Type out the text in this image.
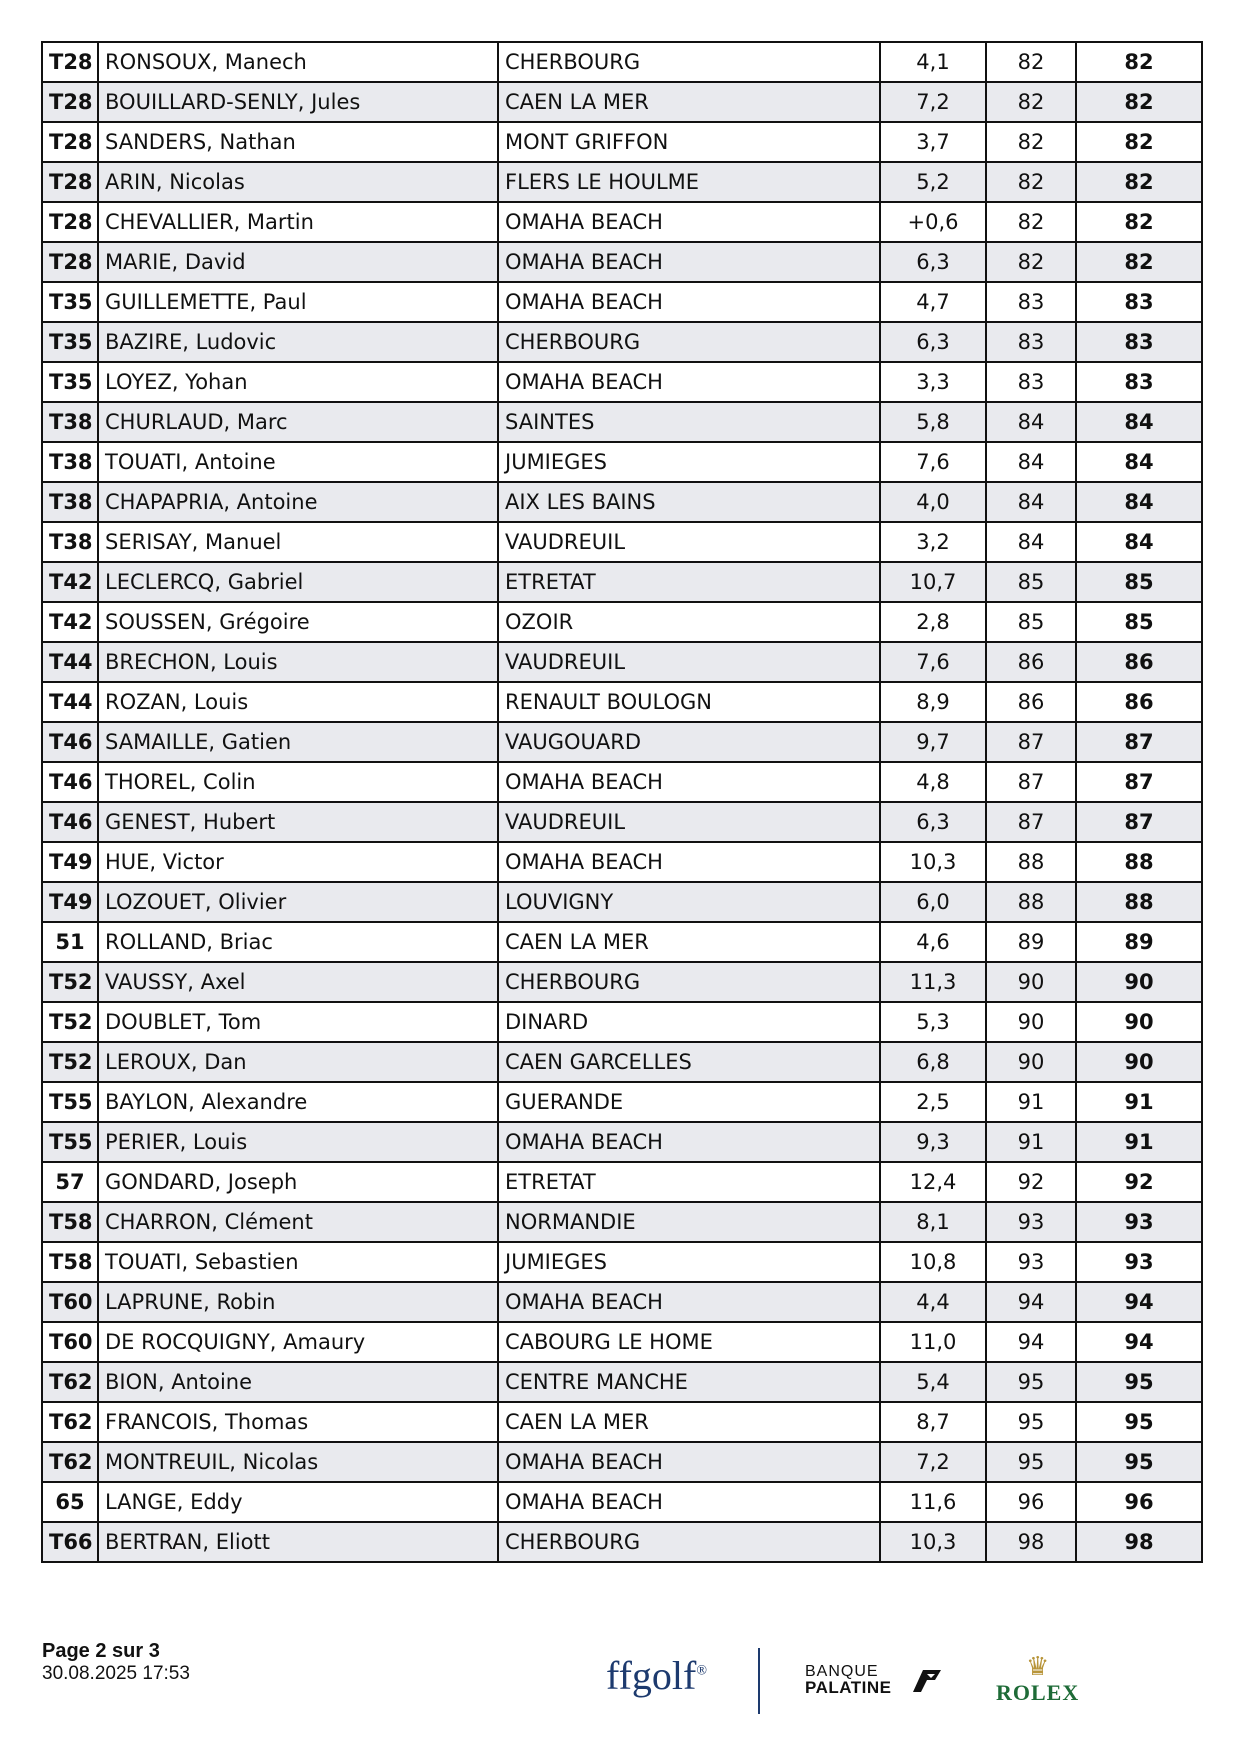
T28	RONSOUX, Manech	CHERBOURG	4,1	82	82
T28	BOUILLARD-SENLY, Jules	CAEN LA MER	7,2	82	82
T28	SANDERS, Nathan	MONT GRIFFON	3,7	82	82
T28	ARIN, Nicolas	FLERS LE HOULME	5,2	82	82
T28	CHEVALLIER, Martin	OMAHA BEACH	+0,6	82	82
T28	MARIE, David	OMAHA BEACH	6,3	82	82
T35	GUILLEMETTE, Paul	OMAHA BEACH	4,7	83	83
T35	BAZIRE, Ludovic	CHERBOURG	6,3	83	83
T35	LOYEZ, Yohan	OMAHA BEACH	3,3	83	83
T38	CHURLAUD, Marc	SAINTES	5,8	84	84
T38	TOUATI, Antoine	JUMIEGES	7,6	84	84
T38	CHAPAPRIA, Antoine	AIX LES BAINS	4,0	84	84
T38	SERISAY, Manuel	VAUDREUIL	3,2	84	84
T42	LECLERCQ, Gabriel	ETRETAT	10,7	85	85
T42	SOUSSEN, Grégoire	OZOIR	2,8	85	85
T44	BRECHON, Louis	VAUDREUIL	7,6	86	86
T44	ROZAN, Louis	RENAULT BOULOGN	8,9	86	86
T46	SAMAILLE, Gatien	VAUGOUARD	9,7	87	87
T46	THOREL, Colin	OMAHA BEACH	4,8	87	87
T46	GENEST, Hubert	VAUDREUIL	6,3	87	87
T49	HUE, Victor	OMAHA BEACH	10,3	88	88
T49	LOZOUET, Olivier	LOUVIGNY	6,0	88	88
51	ROLLAND, Briac	CAEN LA MER	4,6	89	89
T52	VAUSSY, Axel	CHERBOURG	11,3	90	90
T52	DOUBLET, Tom	DINARD	5,3	90	90
T52	LEROUX, Dan	CAEN GARCELLES	6,8	90	90
T55	BAYLON, Alexandre	GUERANDE	2,5	91	91
T55	PERIER, Louis	OMAHA BEACH	9,3	91	91
57	GONDARD, Joseph	ETRETAT	12,4	92	92
T58	CHARRON, Clément	NORMANDIE	8,1	93	93
T58	TOUATI, Sebastien	JUMIEGES	10,8	93	93
T60	LAPRUNE, Robin	OMAHA BEACH	4,4	94	94
T60	DE ROCQUIGNY, Amaury	CABOURG LE HOME	11,0	94	94
T62	BION, Antoine	CENTRE MANCHE	5,4	95	95
T62	FRANCOIS, Thomas	CAEN LA MER	8,7	95	95
T62	MONTREUIL, Nicolas	OMAHA BEACH	7,2	95	95
65	LANGE, Eddy	OMAHA BEACH	11,6	96	96
T66	BERTRAN, Eliott	CHERBOURG	10,3	98	98
Page 2 sur 3
30.08.2025 17:53	ffgolf®	BANQUE
PALATINE
♛
ROLEX
